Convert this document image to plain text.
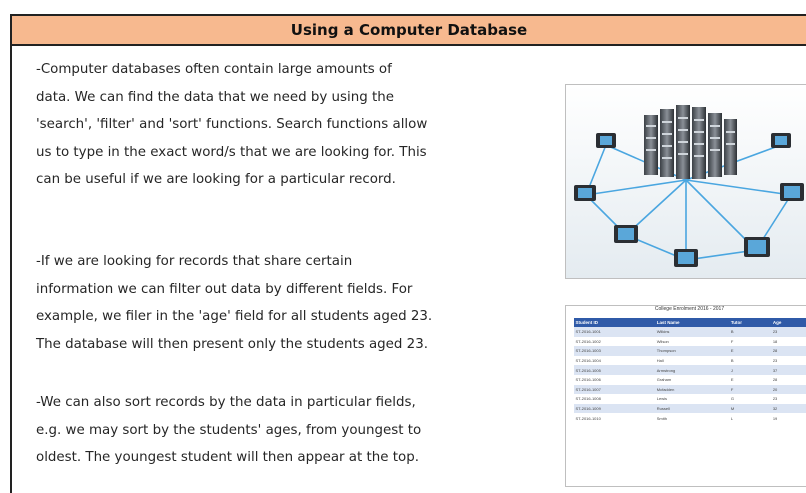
Using a Computer Database
-Computer databases often contain large amounts of
data. We can find the data that we need by using the
'search', 'filter' and 'sort' functions. Search functions allow
us to type in the exact word/s that we are looking for. This
can be useful if we are looking for a particular record.
-If we are looking for records that share certain
information we can filter out data by different fields. For
example, we filer in the 'age' field for all students aged 23.
The database will then present only the students aged 23.
-We can also sort records by the data in particular fields,
e.g. we may sort by the students' ages, from youngest to
oldest. The youngest student will then appear at the top.
College Enrolment 2016 - 2017
Student ID	Last Name	Tutor	Age
ST-2016-1001	Wilkins	B	23
ST-2016-1002	Wilson	F	18
ST-2016-1003	Thompson	E	28
ST-2016-1004	Hall	B	23
ST-2016-1005	Armstrong	J	37
ST-2016-1006	Graham	E	28
ST-2016-1007	Mcfadden	F	20
ST-2016-1008	Lewis	G	23
ST-2016-1009	Russell	M	32
ST-2016-1010	Smith	L	19
